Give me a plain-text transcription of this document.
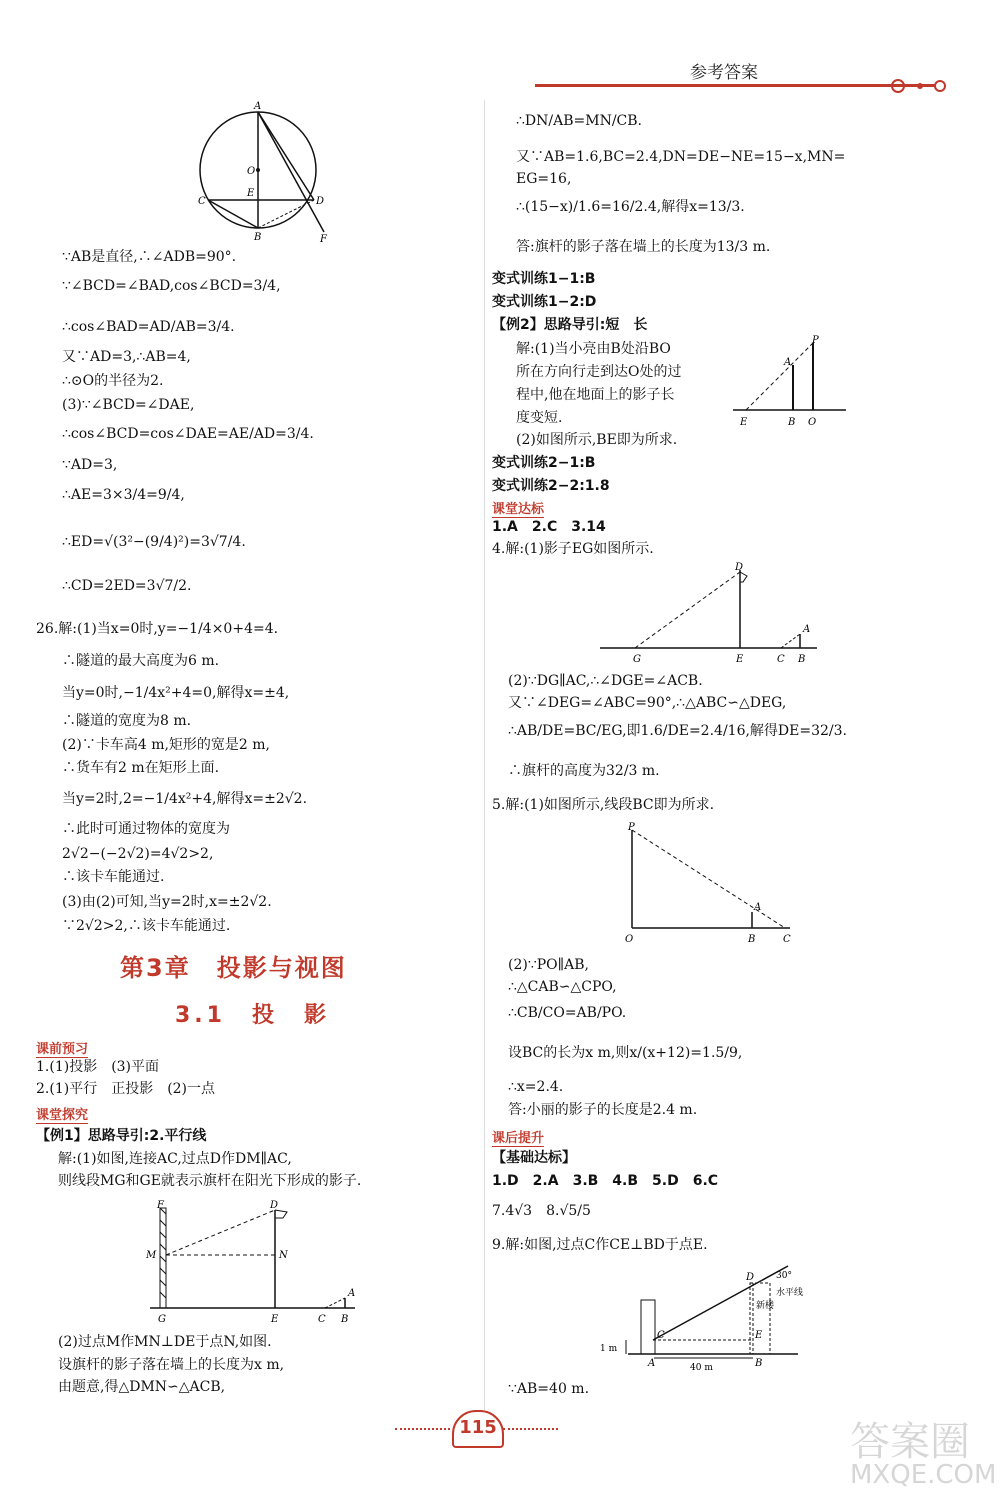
参考答案
A
O
E
C	D
B	F
∵AB是直径,∴∠ADB=90°.
∵∠BCD=∠BAD,cos∠BCD=3/4,
∴cos∠BAD=AD/AB=3/4.
又∵AD=3,∴AB=4,
∴⊙O的半径为2.
(3)∵∠BCD=∠DAE,
∴cos∠BCD=cos∠DAE=AE/AD=3/4.
∵AD=3,
∴AE=3×3/4=9/4,
∴ED=√(3²−(9/4)²)=3√7/4.
∴CD=2ED=3√7/2.
26.解:(1)当x=0时,y=−1/4×0+4=4.
∴隧道的最大高度为6 m.
当y=0时,−1/4x²+4=0,解得x=±4,
∴隧道的宽度为8 m.
(2)∵卡车高4 m,矩形的宽是2 m,
∴货车有2 m在矩形上面.
当y=2时,2=−1/4x²+4,解得x=±2√2.
∴此时可通过物体的宽度为
2√2−(−2√2)=4√2>2,
∴该卡车能通过.
(3)由(2)可知,当y=2时,x=±2√2.
∵2√2>2,∴该卡车能通过.
第3章　投影与视图
3.1　投　影
课前预习
1.(1)投影　(3)平面
2.(1)平行　正投影　(2)一点
课堂探究
【例1】思路导引:2.平行线
解:(1)如图,连接AC,过点D作DM∥AC,
则线段MG和GE就表示旗杆在阳光下形成的影子.
F	D
M	N
G	E	C B
A
(2)过点M作MN⊥DE于点N,如图.
设旗杆的影子落在墙上的长度为x m,
由题意,得△DMN∽△ACB,
∴DN/AB=MN/CB.
又∵AB=1.6,BC=2.4,DN=DE−NE=15−x,MN=
EG=16,
∴(15−x)/1.6=16/2.4,解得x=13/3.
答:旗杆的影子落在墙上的长度为13/3 m.
变式训练1−1:B
变式训练1−2:D
【例2】思路导引:短　长
解:(1)当小亮由B处沿BO
所在方向行走到达O处的过
程中,他在地面上的影子长
度变短.
(2)如图所示,BE即为所求.
变式训练2−1:B
变式训练2−2:1.8
P
A
E	B O
课堂达标
1.A　2.C　3.14
4.解:(1)影子EG如图所示.
D
G	E	C B
A
(2)∵DG∥AC,∴∠DGE=∠ACB.
又∵∠DEG=∠ABC=90°,∴△ABC∽△DEG,
∴AB/DE=BC/EG,即1.6/DE=2.4/16,解得DE=32/3.
∴旗杆的高度为32/3 m.
5.解:(1)如图所示,线段BC即为所求.
P
A
O	B	C
(2)∵PO∥AB,
∴△CAB∽△CPO,
∴CB/CO=AB/PO.
设BC的长为x m,则x/(x+12)=1.5/9,
∴x=2.4.
答:小丽的影子的长度是2.4 m.
课后提升
【基础达标】
1.D　2.A　3.B　4.B　5.D　6.C
7.4√3　8.√5/5
9.解:如图,过点C作CE⊥BD于点E.
D 30°
水平线
新楼
C	E
A	B
1 m
40 m
∵AB=40 m.
115	答案圈
MXQE.COM
